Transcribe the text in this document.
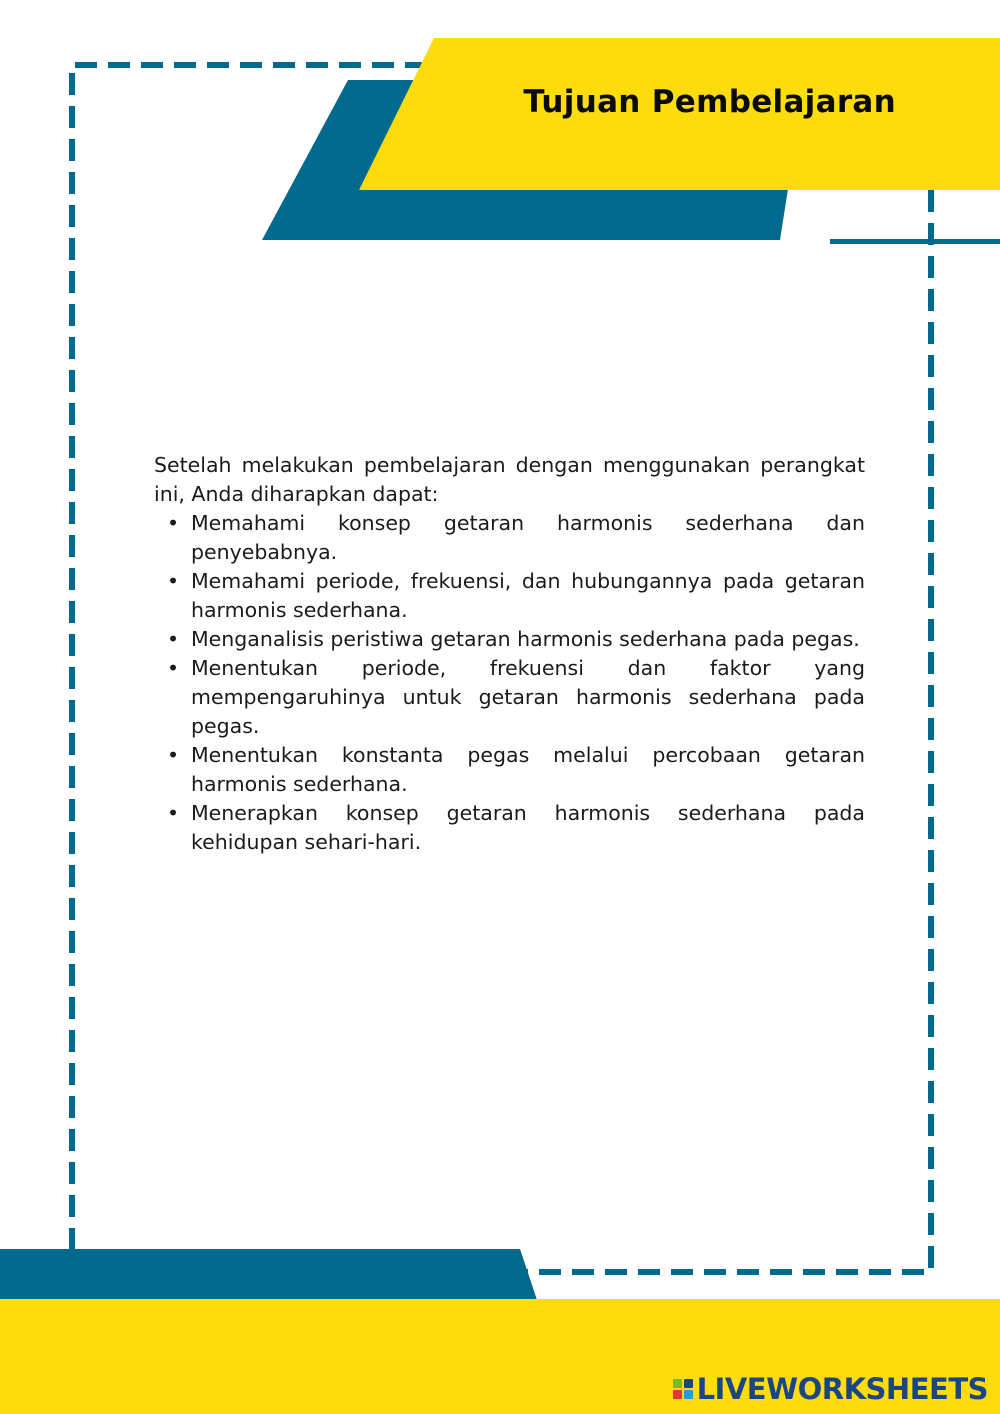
Tujuan Pembelajaran

Setelah melakukan pembelajaran dengan menggunakan perangkat ini, Anda diharapkan dapat:

• Memahami konsep getaran harmonis sederhana dan penyebabnya.
• Memahami periode, frekuensi, dan hubungannya pada getaran harmonis sederhana.
• Menganalisis peristiwa getaran harmonis sederhana pada pegas.
• Menentukan periode, frekuensi dan faktor yang mempengaruhinya untuk getaran harmonis sederhana pada pegas.
• Menentukan konstanta pegas melalui percobaan getaran harmonis sederhana.
• Menerapkan konsep getaran harmonis sederhana pada kehidupan sehari-hari.
LIVEWORKSHEETS
